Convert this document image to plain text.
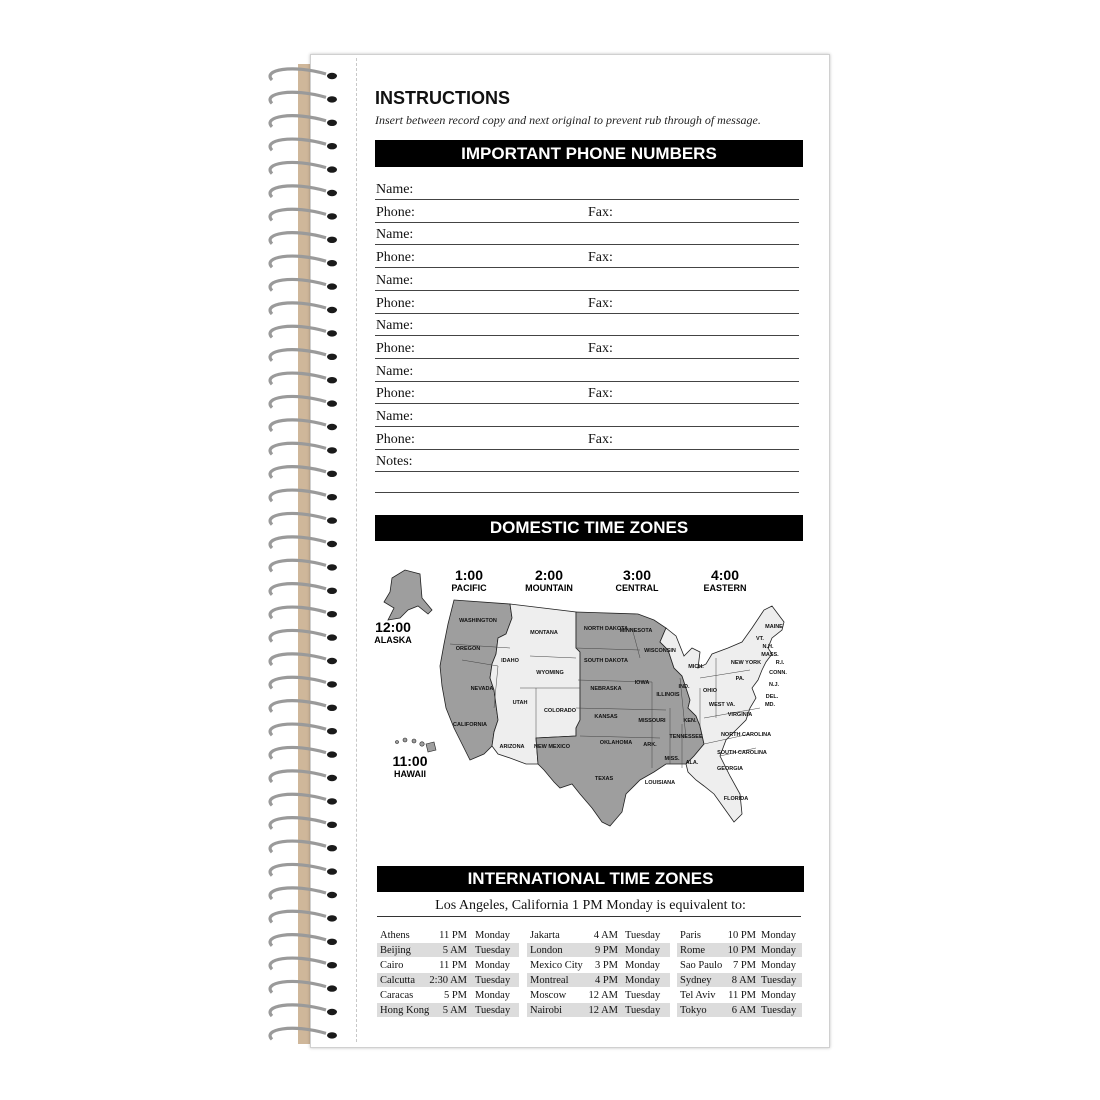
INSTRUCTIONS
Insert between record copy and next original to prevent rub through of message.
IMPORTANT PHONE NUMBERS
Name:
Phone:	Fax:
Name:
Phone:	Fax:
Name:
Phone:	Fax:
Name:
Phone:	Fax:
Name:
Phone:	Fax:
Name:
Phone:	Fax:
Notes:
DOMESTIC TIME ZONES
WASHINGTON
OREGON
NEVADA
CALIFORNIA
IDAHO
MONTANA
WYOMING
UTAH
COLORADO
ARIZONA NEW MEXICO
NORTH DAKOTA
SOUTH DAKOTA
NEBRASKA
KANSAS
OKLAHOMA
TEXAS
MINNESOTA
IOWA
MISSOURI
ARK.
LOUISIANA
WISCONSIN
ILLINOIS
MISS.
ALA.
TENNESSEE
KEN.
IND.
MICH.
OHIO
PA.
NEW YORK
WEST VA.
VIRGINIA
NORTH CAROLINA
SOUTH CAROLINA
GEORGIA
FLORIDA
MAINE
VT.
N.H.
MASS.
R.I.
CONN.
N.J.
DEL.
MD.
12:00
ALASKA
1:00
PACIFIC
2:00
MOUNTAIN
3:00
CENTRAL
4:00
EASTERN
11:00
HAWAII
INTERNATIONAL TIME ZONES
Los Angeles, California 1 PM Monday is equivalent to:
Athens	11 PM Monday Jakarta	4 AM Tuesday Paris	10 PM Monday
Beijing	5 AM Tuesday London	9 PM Monday Rome 10 PM Monday
Cairo	11 PM Monday Mexico City 3 PM Monday Sao Paulo 7 PM Monday
Calcutta 2:30 AM Tuesday Montreal	4 PM Monday Sydney 8 AM Tuesday
Caracas	5 PM Monday Moscow 12 AM Tuesday Tel Aviv 11 PM Monday
Hong Kong 5 AM Tuesday Nairobi	12 AM Tuesday Tokyo 6 AM Tuesday
